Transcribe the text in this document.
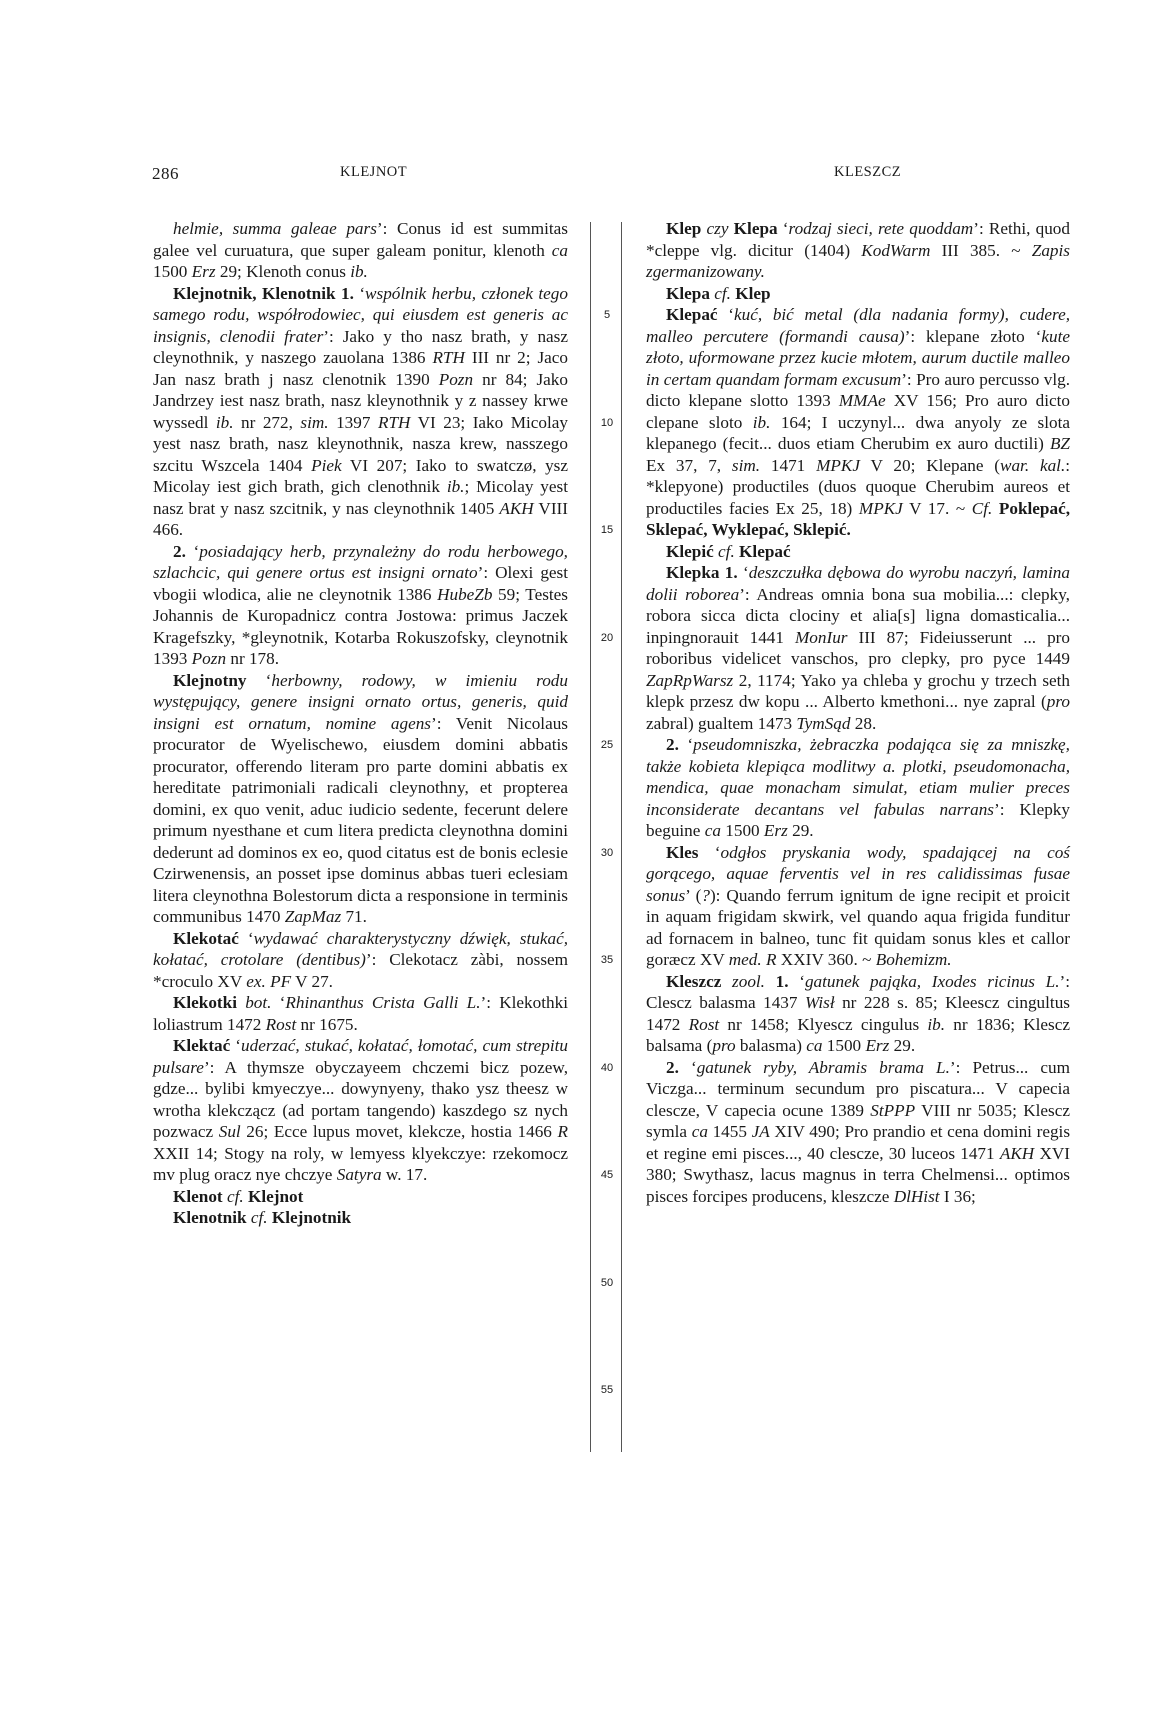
286	KLEJNOT	KLESZCZ

helmie, summa galeae pars’: Conus id est summitas galee vel curuatura, que super galeam ponitur, klenoth ca 1500 Erz 29; Klenoth conus ib.

Klejnotnik, Klenotnik 1. ‘wspólnik herbu, członek tego samego rodu, współrodowiec, qui eiusdem est generis ac insignis, clenodii frater’: Jako y tho nasz brath, y nasz cleynothnik, y naszego zauolana 1386 RTH III nr 2; Jaco Jan nasz brath j nasz clenotnik 1390 Pozn nr 84; Jako Jandrzey iest nasz brath, nasz kleynothnik y z nassey krwe wyssedl ib. nr 272, sim. 1397 RTH VI 23; Iako Micolay yest nasz brath, nasz kleynothnik, nasza krew, nasszego szcitu Wszcela 1404 Piek VI 207; Iako to swatczø, ysz Micolay iest gich brath, gich clenothnik ib.; Micolay yest nasz brat y nasz szcitnik, y nas cleynothnik 1405 AKH VIII 466.

2. ‘posiadający herb, przynależny do rodu herbowego, szlachcic, qui genere ortus est insigni ornato’: Olexi gest vbogii wlodica, alie ne cleynotnik 1386 HubeZb 59; Testes Johannis de Kuropadnicz contra Jostowa: primus Jaczek Kragefszky, *gleynotnik, Kotarba Rokuszofsky, cleynotnik 1393 Pozn nr 178.

Klejnotny ‘herbowny, rodowy, w imieniu rodu występujący, genere insigni ornato ortus, generis, quid insigni est ornatum, nomine agens’: Venit Nicolaus procurator de Wyelischewo, eiusdem domini abbatis procurator, offerendo literam pro parte domini abbatis ex hereditate patrimoniali radicali cleynothny, et propterea domini, ex quo venit, aduc iudicio sedente, fecerunt delere primum nyesthane et cum litera predicta cleynothna domini dederunt ad dominos ex eo, quod citatus est de bonis eclesie Czirwenensis, an posset ipse dominus abbas tueri eclesiam litera cleynothna Bolestorum dicta a responsione in terminis communibus 1470 ZapMaz 71.

Klekotać ‘wydawać charakterystyczny dźwięk, stukać, kołatać, crotolare (dentibus)’: Clekotacz zàbi, nossem *croculo XV ex. PF V 27.

Klekotki bot. ‘Rhinanthus Crista Galli L.’: Klekothki loliastrum 1472 Rost nr 1675.

Klektać ‘uderzać, stukać, kołatać, łomotać, cum strepitu pulsare’: A thymsze obyczayeem chczemi bicz pozew, gdze... bylibi kmyeczye... dowynyeny, thako ysz theesz w wrotha klekcząсz (ad portam tangendo) kaszdego sz nych pozwacz Sul 26; Ecce lupus movet, klekcze, hostia 1466 R XXII 14; Stogy na roly, w lemyess klyekczye: rzekomocz mv plug oracz nye chczye Satyra w. 17.

Klenot cf. Klejnot

Klenotnik cf. Klejnotnik

5
10
15
20
25
30
35
40
45
50
55

Klep czy Klepa ‘rodzaj sieci, rete quoddam’: Rethi, quod *cleppe vlg. dicitur (1404) KodWarm III 385. ~ Zapis zgermanizowany.

Klepa cf. Klep

Klepać ‘kuć, bić metal (dla nadania formy), cudere, malleo percutere (formandi causa)’: klepane złoto ‘kute złoto, uformowane przez kucie młotem, aurum ductile malleo in certam quandam formam excusum’: Pro auro percusso vlg. dicto klepane slotto 1393 MMAe XV 156; Pro auro dicto clepane sloto ib. 164; I uczynyl... dwa anyoly ze slota klepanego (fecit... duos etiam Cherubim ex auro ductili) BZ Ex 37, 7, sim. 1471 MPKJ V 20; Klepane (war. kal.: *klepyone) productiles (duos quoque Cherubim aureos et productiles facies Ex 25, 18) MPKJ V 17. ~ Cf. Poklepać, Sklepać, Wyklepać, Sklepić.

Klepić cf. Klepać

Klepka 1. ‘deszczułka dębowa do wyrobu naczyń, lamina dolii roborea’: Andreas omnia bona sua mobilia...: clepky, robora sicca dicta clociny et alia[s] ligna domasticalia... inpingnorauit 1441 MonIur III 87; Fideiusserunt ... pro roboribus videlicet vanschos, pro clepky, pro pyce 1449 ZapRpWarsz 2, 1174; Yako ya chleba y grochu y trzech seth klepk przesz dw kopu ... Alberto kmethoni... nye zapral (pro zabral) gualtem 1473 TymSąd 28.

2. ‘pseudomniszka, żebraczka podająca się za mniszkę, także kobieta klepiąca modlitwy a. plotki, pseudomonacha, mendica, quae monacham simulat, etiam mulier preces inconsiderate decantans vel fabulas narrans’: Klepky beguine ca 1500 Erz 29.

Kles ‘odgłos pryskania wody, spadającej na coś gorącego, aquae ferventis vel in res calidissimas fusae sonus’ (?): Quando ferrum ignitum de igne recipit et proicit in aquam frigidam skwirk, vel quando aqua frigida funditur ad fornacem in balneo, tunc fit quidam sonus kles et callor goræcz XV med. R XXIV 360. ~ Bohemizm.

Kleszcz zool. 1. ‘gatunek pająka, Ixodes ricinus L.’: Clescz balasma 1437 Wisł nr 228 s. 85; Kleescz cingultus 1472 Rost nr 1458; Klyescz cingulus ib. nr 1836; Klescz balsama (pro balasma) ca 1500 Erz 29.

2. ‘gatunek ryby, Abramis brama L.’: Petrus... cum Viczga... terminum secundum pro piscatura... V capecia clescze, V capecia ocune 1389 StPPP VIII nr 5035; Klescz symla ca 1455 JA XIV 490; Pro prandio et cena domini regis et regine emi pisces..., 40 clescze, 30 luceos 1471 AKH XVI 380; Swythasz, lacus magnus in terra Chelmensi... optimos pisces forcipes producens, kleszcze DlHist I 36;
